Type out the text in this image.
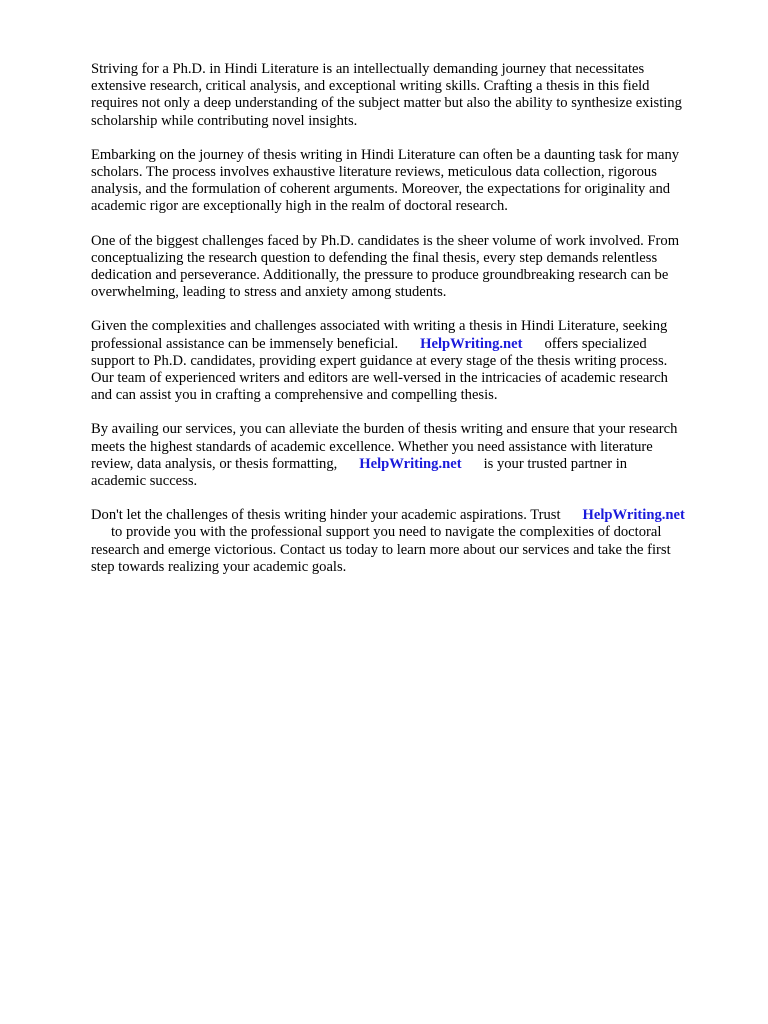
Striving for a Ph.D. in Hindi Literature is an intellectually demanding journey that necessitates
extensive research, critical analysis, and exceptional writing skills. Crafting a thesis in this field
requires not only a deep understanding of the subject matter but also the ability to synthesize existing
scholarship while contributing novel insights.

Embarking on the journey of thesis writing in Hindi Literature can often be a daunting task for many
scholars. The process involves exhaustive literature reviews, meticulous data collection, rigorous
analysis, and the formulation of coherent arguments. Moreover, the expectations for originality and
academic rigor are exceptionally high in the realm of doctoral research.

One of the biggest challenges faced by Ph.D. candidates is the sheer volume of work involved. From
conceptualizing the research question to defending the final thesis, every step demands relentless
dedication and perseverance. Additionally, the pressure to produce groundbreaking research can be
overwhelming, leading to stress and anxiety among students.

Given the complexities and challenges associated with writing a thesis in Hindi Literature, seeking
professional assistance can be immensely beneficial. HelpWriting.net offers specialized
support to Ph.D. candidates, providing expert guidance at every stage of the thesis writing process.
Our team of experienced writers and editors are well-versed in the intricacies of academic research
and can assist you in crafting a comprehensive and compelling thesis.

By availing our services, you can alleviate the burden of thesis writing and ensure that your research
meets the highest standards of academic excellence. Whether you need assistance with literature
review, data analysis, or thesis formatting, HelpWriting.net is your trusted partner in
academic success.

Don't let the challenges of thesis writing hinder your academic aspirations. Trust HelpWriting.net
to provide you with the professional support you need to navigate the complexities of doctoral
research and emerge victorious. Contact us today to learn more about our services and take the first
step towards realizing your academic goals.
